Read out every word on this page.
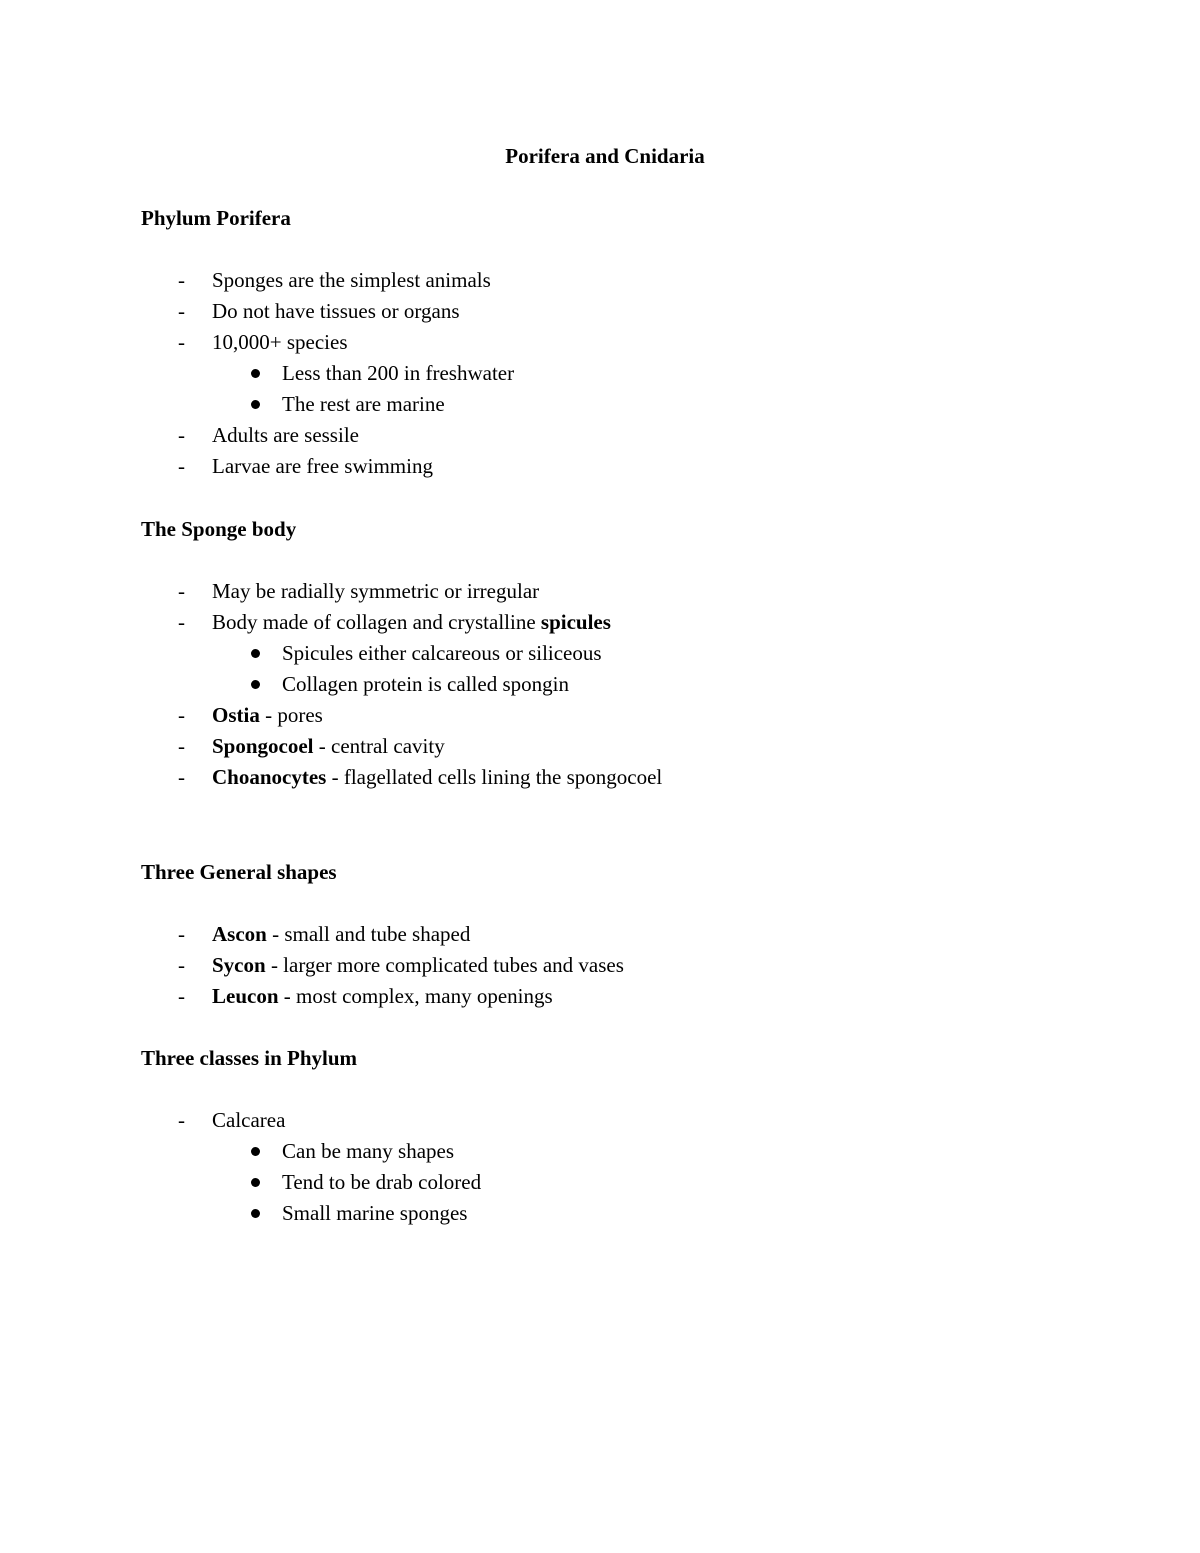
Porifera and Cnidaria
Phylum Porifera
- Sponges are the simplest animals
- Do not have tissues or organs
- 10,000+ species
Less than 200 in freshwater
The rest are marine
- Adults are sessile
- Larvae are free swimming
The Sponge body
- May be radially symmetric or irregular
- Body made of collagen and crystalline spicules
Spicules either calcareous or siliceous
Collagen protein is called spongin
- Ostia - pores
- Spongocoel - central cavity
- Choanocytes - flagellated cells lining the spongocoel
Three General shapes
- Ascon - small and tube shaped
- Sycon - larger more complicated tubes and vases
- Leucon - most complex, many openings
Three classes in Phylum
- Calcarea
Can be many shapes
Tend to be drab colored
Small marine sponges
